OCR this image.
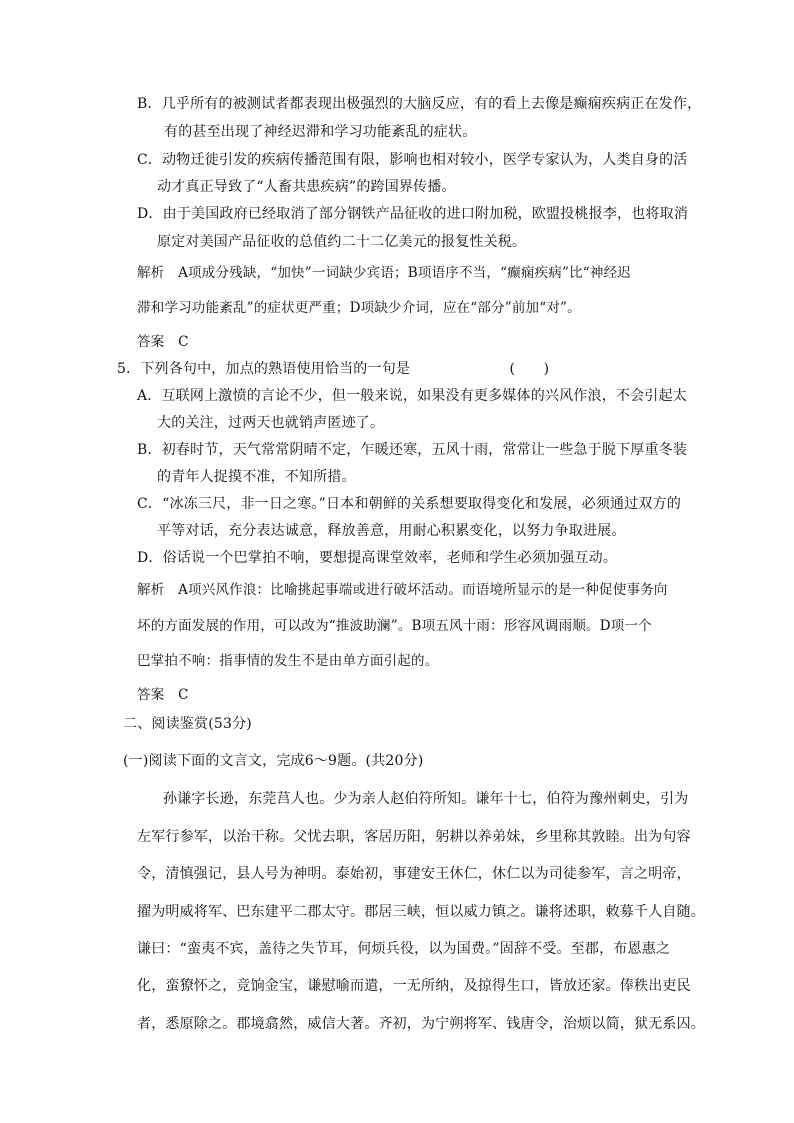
B．几乎所有的被测试者都表现出极强烈的大脑反应，有的看上去像是癫痫疾病正在发作，
有的甚至出现了神经迟滞和学习功能紊乱的症状。
C．动物迁徙引发的疾病传播范围有限，影响也相对较小，医学专家认为，人类自身的活
动才真正导致了“人畜共患疾病”的跨国界传播。
D．由于美国政府已经取消了部分钢铁产品征收的进口附加税，欧盟投桃报李，也将取消
原定对美国产品征收的总值约二十二亿美元的报复性关税。
解析　A项成分残缺，“加快”一词缺少宾语；B项语序不当，“癫痫疾病”比“神经迟
滞和学习功能紊乱”的症状更严重；D项缺少介词，应在“部分”前加“对”。
答案　C
5．下列各句中，加点的熟语使用恰当的一句是　　　　　　　(　　)
A．互联网上激愤的言论不少，但一般来说，如果没有更多媒体的兴风作浪，不会引起太
大的关注，过两天也就销声匿迹了。
B．初春时节，天气常常阴晴不定，乍暖还寒，五风十雨，常常让一些急于脱下厚重冬装
的青年人捉摸不准，不知所措。
C．“冰冻三尺，非一日之寒。”日本和朝鲜的关系想要取得变化和发展，必须通过双方的
平等对话，充分表达诚意，释放善意，用耐心积累变化，以努力争取进展。
D．俗话说一个巴掌拍不响，要想提高课堂效率，老师和学生必须加强互动。
解析　A项兴风作浪：比喻挑起事端或进行破坏活动。而语境所显示的是一种促使事务向
坏的方面发展的作用，可以改为“推波助澜”。B项五风十雨：形容风调雨顺。D项一个
巴掌拍不响：指事情的发生不是由单方面引起的。
答案　C
二、阅读鉴赏(53分)
(一)阅读下面的文言文，完成6～9题。(共20分)
孙谦字长逊，东莞莒人也。少为亲人赵伯符所知。谦年十七，伯符为豫州刺史，引为
左军行参军，以治干称。父忧去职，客居历阳，躬耕以养弟妹，乡里称其敦睦。出为句容
令，清慎强记，县人号为神明。泰始初，事建安王休仁，休仁以为司徒参军，言之明帝，
擢为明威将军、巴东建平二郡太守。郡居三峡，恒以威力镇之。谦将述职，敕募千人自随。
谦曰：“蛮夷不宾，盖待之失节耳，何烦兵役，以为国费。”固辞不受。至郡，布恩惠之
化，蛮獠怀之，竞饷金宝，谦慰喻而遣，一无所纳，及掠得生口，皆放还家。俸秩出吏民
者，悉原除之。郡境翕然，威信大著。齐初，为宁朔将军、钱唐令，治烦以简，狱无系囚。
